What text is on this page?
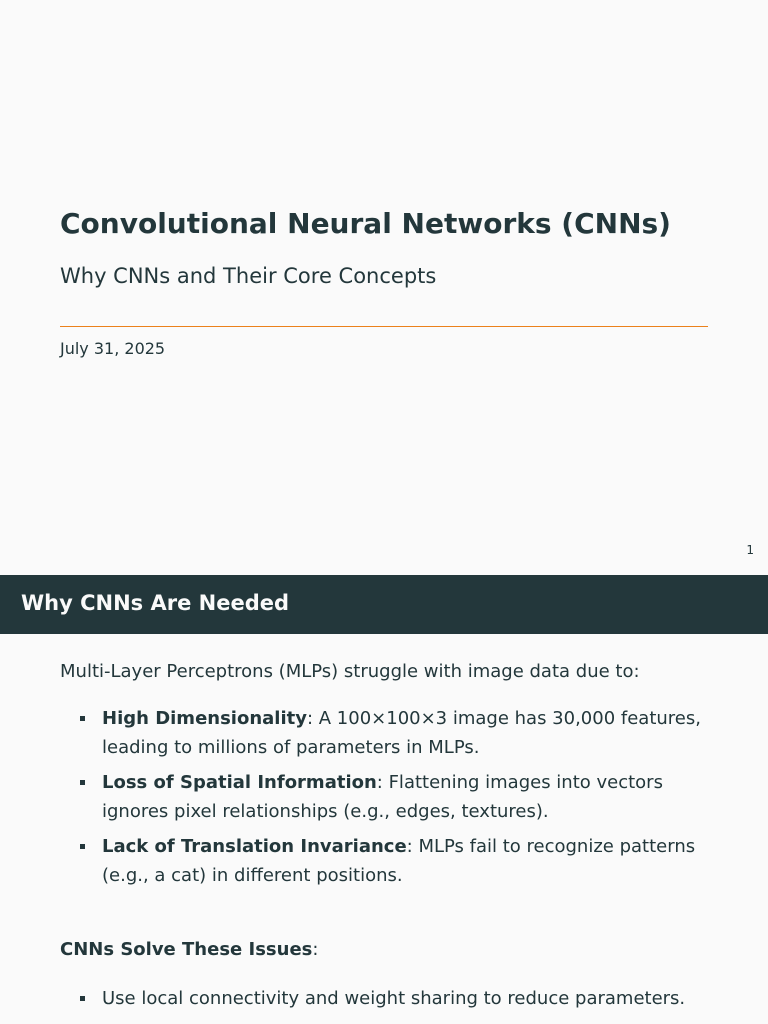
Convolutional Neural Networks (CNNs)
Why CNNs and Their Core Concepts
July 31, 2025
1
Why CNNs Are Needed
Multi-Layer Perceptrons (MLPs) struggle with image data due to:
High Dimensionality: A 100×100×3 image has 30,000 features, leading to millions of parameters in MLPs.
Loss of Spatial Information: Flattening images into vectors ignores pixel relationships (e.g., edges, textures).
Lack of Translation Invariance: MLPs fail to recognize patterns (e.g., a cat) in different positions.
CNNs Solve These Issues:
Use local connectivity and weight sharing to reduce parameters.
